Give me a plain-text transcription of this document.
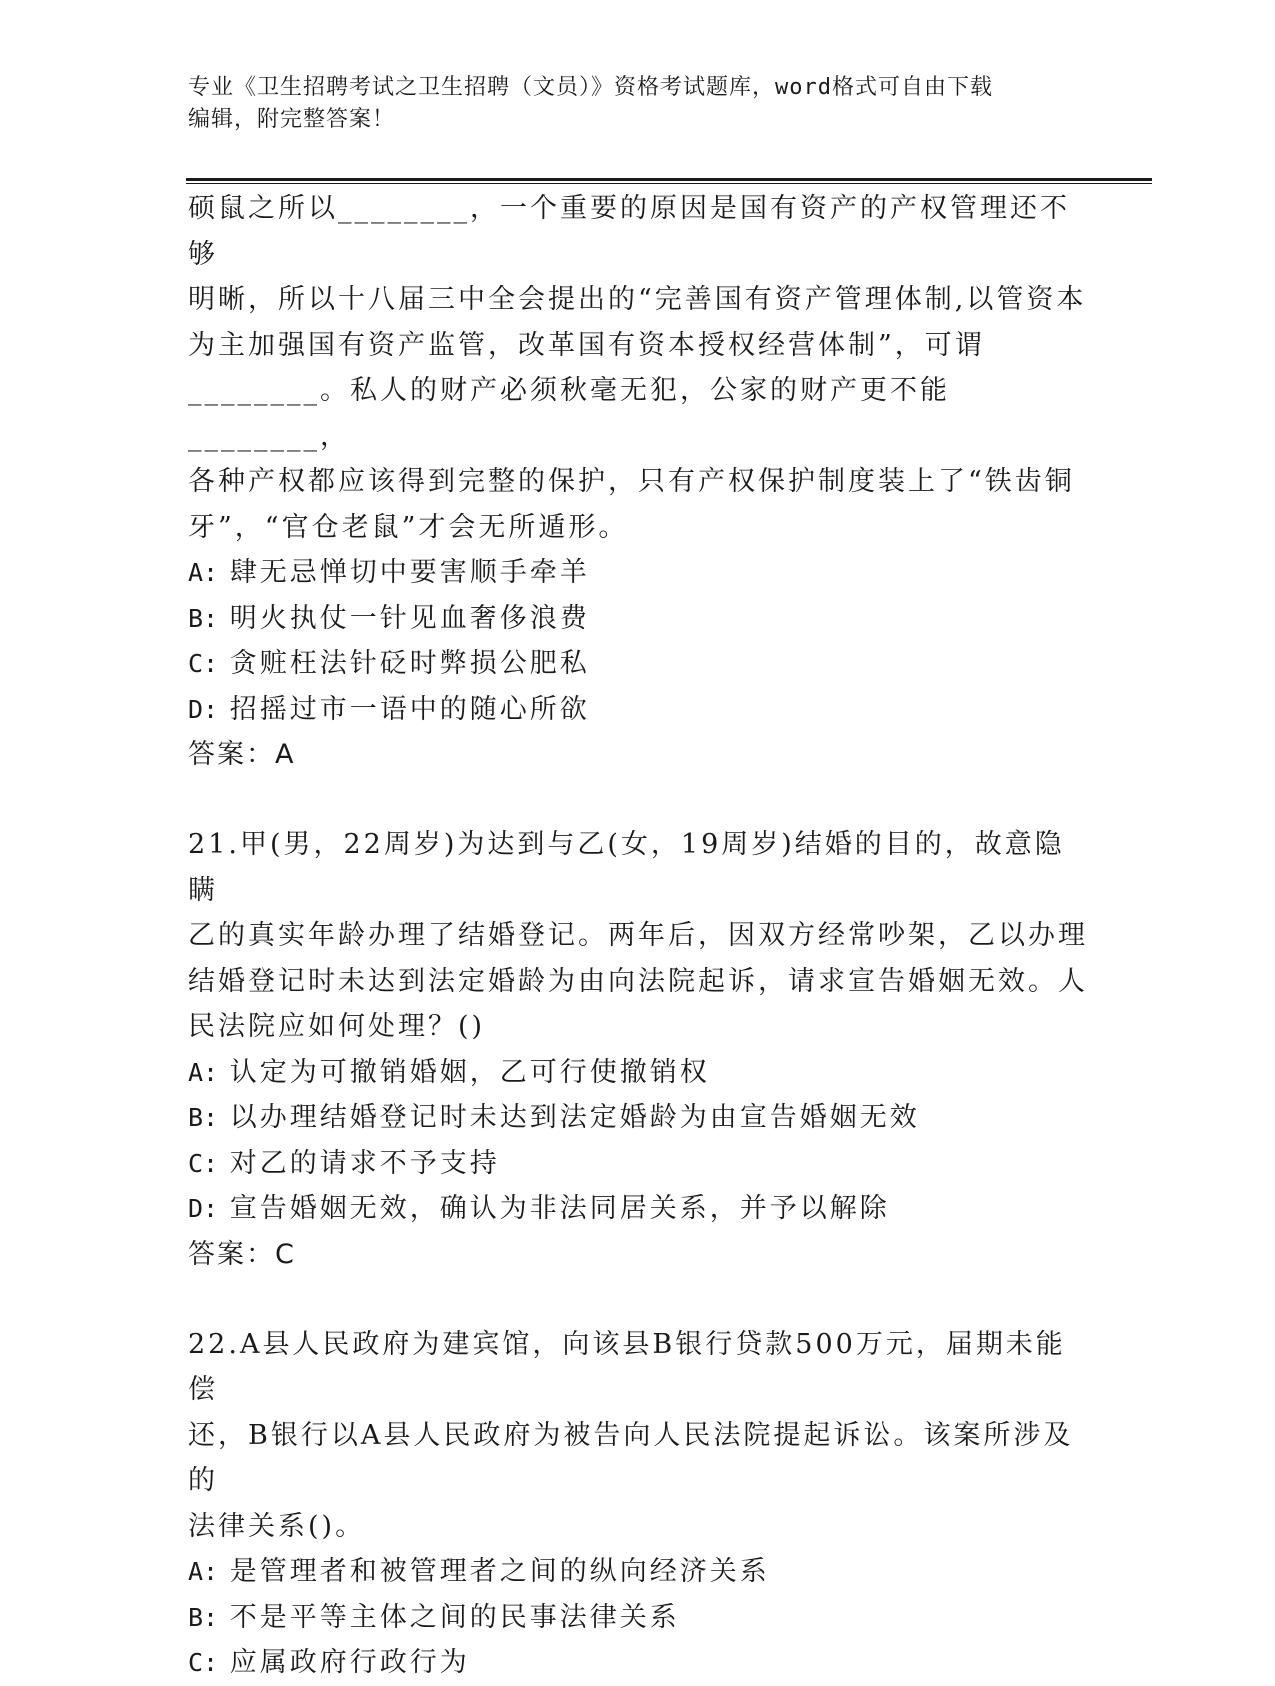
专业《卫生招聘考试之卫生招聘（文员）》资格考试题库，word格式可自由下载
编辑，附完整答案！
硕鼠之所以________，一个重要的原因是国有资产的产权管理还不够
明晰，所以十八届三中全会提出的“完善国有资产管理体制,以管资本
为主加强国有资产监管，改革国有资本授权经营体制”，可谓
________。私人的财产必须秋毫无犯，公家的财产更不能________，
各种产权都应该得到完整的保护，只有产权保护制度装上了“铁齿铜
牙”，“官仓老鼠”才会无所遁形。
A: 肆无忌惮切中要害顺手牵羊
B: 明火执仗一针见血奢侈浪费
C: 贪赃枉法针砭时弊损公肥私
D: 招摇过市一语中的随心所欲
答案：A
21.甲(男，22周岁)为达到与乙(女，19周岁)结婚的目的，故意隐瞒
乙的真实年龄办理了结婚登记。两年后，因双方经常吵架，乙以办理
结婚登记时未达到法定婚龄为由向法院起诉，请求宣告婚姻无效。人
民法院应如何处理？()
A: 认定为可撤销婚姻，乙可行使撤销权
B: 以办理结婚登记时未达到法定婚龄为由宣告婚姻无效
C: 对乙的请求不予支持
D: 宣告婚姻无效，确认为非法同居关系，并予以解除
答案：C
22.A县人民政府为建宾馆，向该县B银行贷款500万元，届期未能偿
还，B银行以A县人民政府为被告向人民法院提起诉讼。该案所涉及的
法律关系()。
A: 是管理者和被管理者之间的纵向经济关系
B: 不是平等主体之间的民事法律关系
C: 应属政府行政行为
